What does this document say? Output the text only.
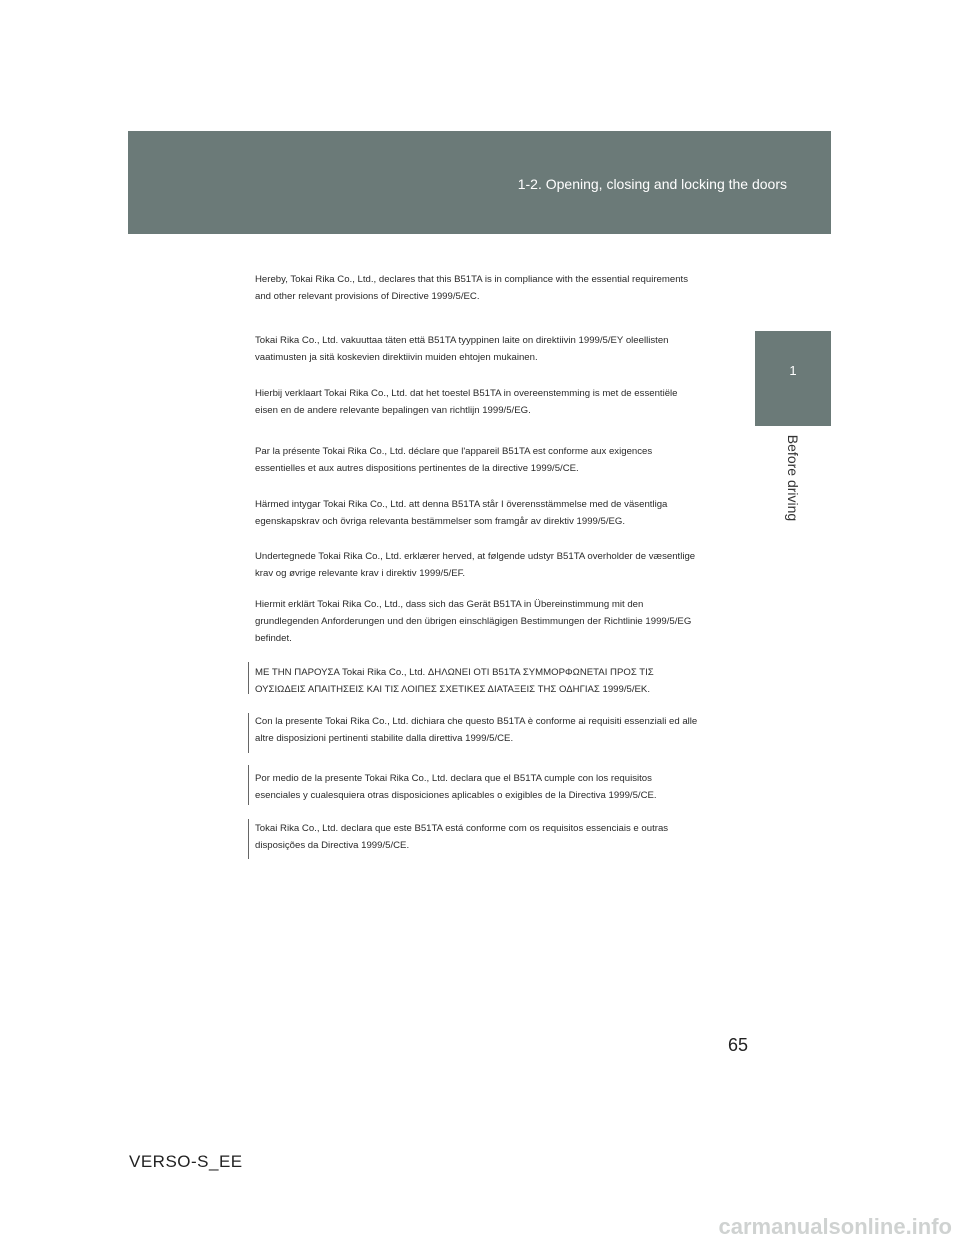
1-2. Opening, closing and locking the doors
1
Before driving
Hereby, Tokai Rika Co., Ltd., declares that this B51TA is in compliance with the essential requirements
and other relevant provisions of Directive 1999/5/EC.
Tokai Rika Co., Ltd. vakuuttaa täten että B51TA tyyppinen laite on direktiivin 1999/5/EY oleellisten
vaatimusten ja sitä koskevien direktiivin muiden ehtojen mukainen.
Hierbij verklaart Tokai Rika Co., Ltd. dat het toestel B51TA in overeenstemming is met de essentiële
eisen en de andere relevante bepalingen van richtlijn 1999/5/EG.
Par la présente Tokai Rika Co., Ltd. déclare que l'appareil B51TA est conforme aux exigences
essentielles et aux autres dispositions pertinentes de la directive 1999/5/CE.
Härmed intygar Tokai Rika Co., Ltd. att denna B51TA står I överensstämmelse med de väsentliga
egenskapskrav och övriga relevanta bestämmelser som framgår av direktiv 1999/5/EG.
Undertegnede Tokai Rika Co., Ltd. erklærer herved, at følgende udstyr B51TA overholder de væsentlige
krav og øvrige relevante krav i direktiv 1999/5/EF.
Hiermit erklärt Tokai Rika Co., Ltd., dass sich das Gerät B51TA in Übereinstimmung mit den
grundlegenden Anforderungen und den übrigen einschlägigen Bestimmungen der Richtlinie 1999/5/EG
befindet.
ΜΕ ΤΗΝ ΠΑΡΟΥΣΑ Tokai Rika Co., Ltd. ΔΗΛΩΝΕΙ ΟΤΙ B51TA ΣΥΜΜΟΡΦΩΝΕΤΑΙ ΠΡΟΣ ΤΙΣ
ΟΥΣΙΩΔΕΙΣ ΑΠΑΙΤΗΣΕΙΣ ΚΑΙ ΤΙΣ ΛΟΙΠΕΣ ΣΧΕΤΙΚΕΣ ΔΙΑΤΑΞΕΙΣ ΤΗΣ ΟΔΗΓΙΑΣ 1999/5/ΕΚ.
Con la presente Tokai Rika Co., Ltd. dichiara che questo B51TA è conforme ai requisiti essenziali ed alle
altre disposizioni pertinenti stabilite dalla direttiva 1999/5/CE.
Por medio de la presente Tokai Rika Co., Ltd. declara que el B51TA cumple con los requisitos
esenciales y cualesquiera otras disposiciones aplicables o exigibles de la Directiva 1999/5/CE.
Tokai Rika Co., Ltd. declara que este B51TA está conforme com os requisitos essenciais e outras
disposições da Directiva 1999/5/CE.
65
VERSO-S_EE
carmanualsonline.info
